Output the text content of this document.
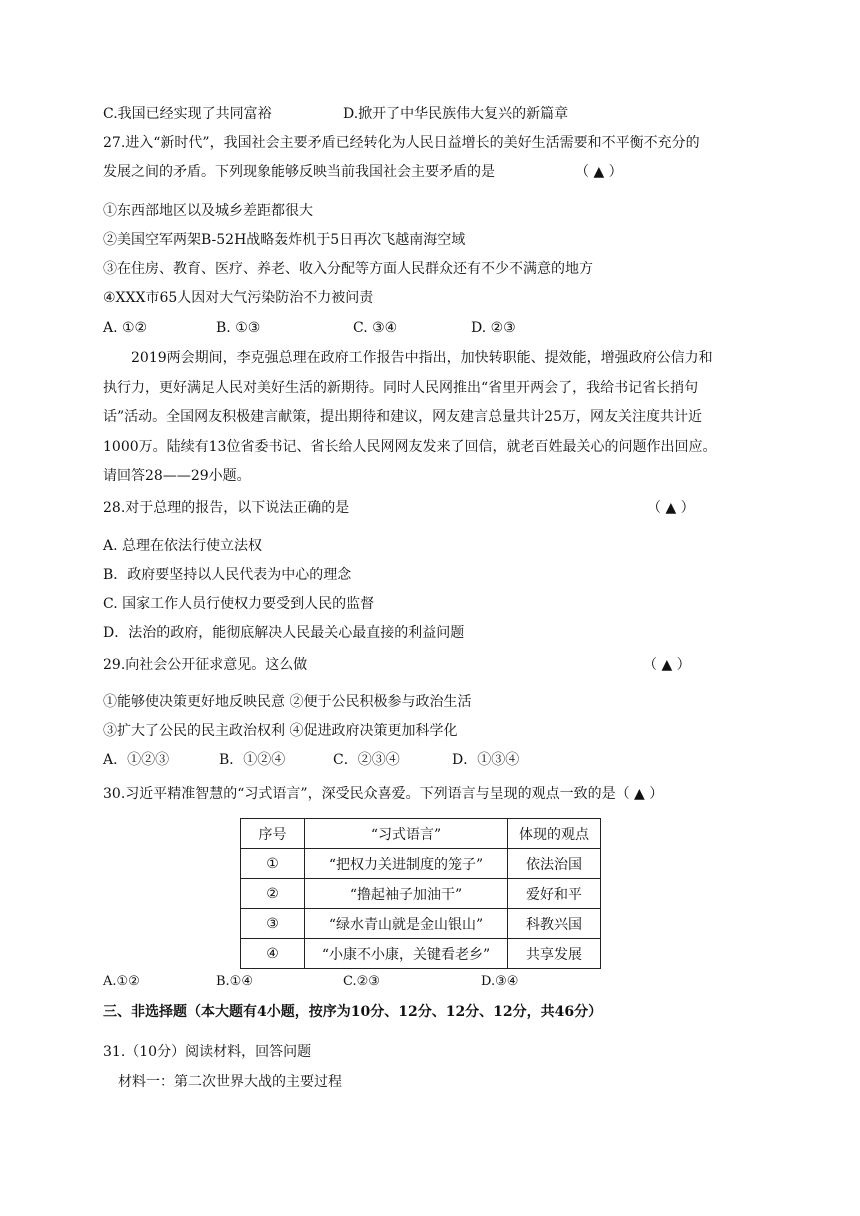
C.我国已经实现了共同富裕	D.掀开了中华民族伟大复兴的新篇章
27.进入“新时代”，我国社会主要矛盾已经转化为人民日益增长的美好生活需要和不平衡不充分的
发展之间的矛盾。下列现象能够反映当前我国社会主要矛盾的是	（ ▲ ）
①东西部地区以及城乡差距都很大
②美国空军两架B-52H战略轰炸机于5日再次飞越南海空域
③在住房、教育、医疗、养老、收入分配等方面人民群众还有不少不满意的地方
④XXX市65人因对大气污染防治不力被问责
A. ①②	B. ①③	C. ③④	D. ②③
2019两会期间，李克强总理在政府工作报告中指出，加快转职能、提效能，增强政府公信力和
执行力，更好满足人民对美好生活的新期待。同时人民网推出“省里开两会了，我给书记省长捎句
话”活动。全国网友积极建言献策，提出期待和建议，网友建言总量共计25万，网友关注度共计近
1000万。陆续有13位省委书记、省长给人民网网友发来了回信，就老百姓最关心的问题作出回应。
请回答28——29小题。
28.对于总理的报告，以下说法正确的是	（ ▲ ）
A. 总理在依法行使立法权
B．政府要坚持以人民代表为中心的理念
C. 国家工作人员行使权力要受到人民的监督
D．法治的政府，能彻底解决人民最关心最直接的利益问题
29.向社会公开征求意见。这么做	（ ▲ ）
①能够使决策更好地反映民意 ②便于公民积极参与政治生活
③扩大了公民的民主政治权利 ④促进政府决策更加科学化
A．①②③	B．①②④	C．②③④	D．①③④
30.习近平精准智慧的“习式语言”，深受民众喜爱。下列语言与呈现的观点一致的是（ ▲ ）
序号	“习式语言”	体现的观点
①	“把权力关进制度的笼子”	依法治国
②	“撸起袖子加油干”	爱好和平
③	“绿水青山就是金山银山”	科教兴国
④	“小康不小康，关键看老乡”	共享发展
A.①②	B.①④	C.②③	D.③④
三、非选择题（本大题有4小题，按序为10分、12分、12分、12分，共46分）
31.（10分）阅读材料，回答问题
材料一：第二次世界大战的主要过程
